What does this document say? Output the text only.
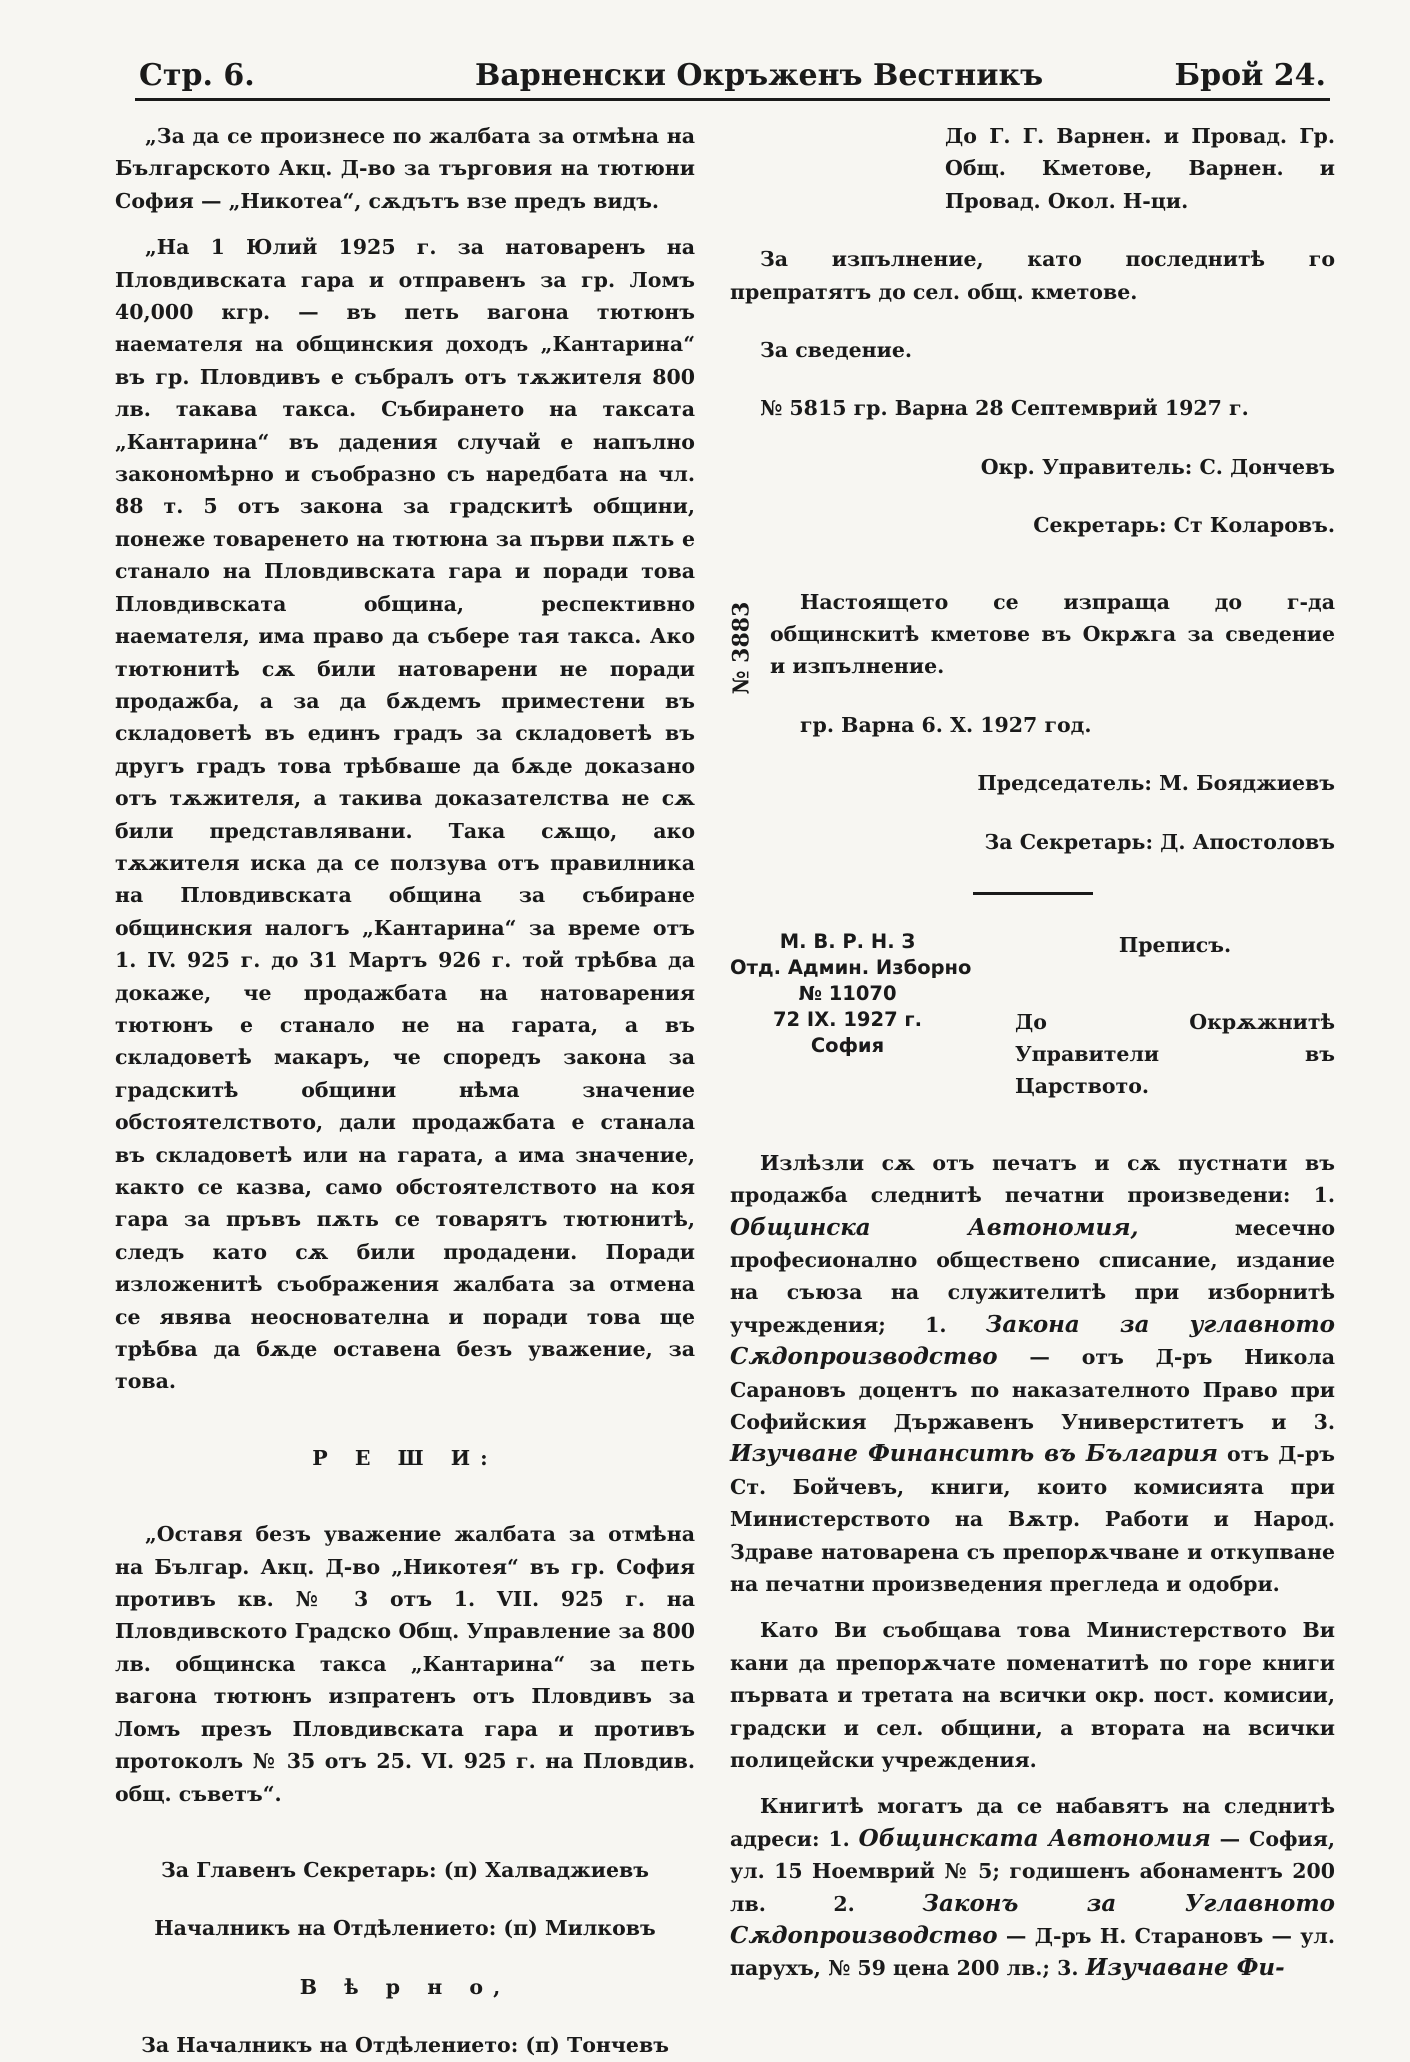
Стр. 6.	Варненски Окръженъ Вестникъ	Брой 24.

„За да се произнесе по жалбата за отмѣна на Българското Акц. Д-во за търговия на тютюни София — „Никотеа“, сѫдътъ взе предъ видъ.

„На 1 Юлий 1925 г. за натоваренъ на Пловдивската гара и отправенъ за гр. Ломъ 40,000 кгр. — въ петь вагона тютюнъ наемателя на общинския доходъ „Кантарина“ въ гр. Пловдивъ е събралъ отъ тѫжителя 800 лв. такава такса. Събирането на таксата „Кантарина“ въ дадения случай е напълно закономѣрно и съобразно съ наредбата на чл. 88 т. 5 отъ закона за градскитѣ общини, понеже товаренето на тютюна за първи пѫть е станало на Пловдивската гара и поради това Пловдивската община, респективно наемателя, има право да събере тая такса. Ако тютюнитѣ сѫ били натоварени не поради продажба, а за да бѫдемъ приместени въ складоветѣ въ единъ градъ за складоветѣ въ другъ градъ това трѣбваше да бѫде доказано отъ тѫжителя, а такива доказателства не сѫ били представлявани. Така сѫщо, ако тѫжителя иска да се ползува отъ правилника на Пловдивската община за събиране общинския налогъ „Кантарина“ за време отъ 1. IV. 925 г. до 31 Мартъ 926 г. той трѣбва да докаже, че продажбата на натоварения тютюнъ е станало не на гарата, а въ складоветѣ макаръ, че споредъ закона за градскитѣ общини нѣма значение обстоятелството, дали продажбата е станала въ складоветѣ или на гарата, а има значение, както се казва, само обстоятелството на коя гара за пръвъ пѫть се товарятъ тютюнитѣ, следъ като сѫ били продадени. Поради изложенитѣ съображения жалбата за отмена се явява неоснователна и поради това ще трѣбва да бѫде оставена безъ уважение, за това.

Р Е Ш И:

„Оставя безъ уважение жалбата за отмѣна на Българ. Акц. Д-во „Никотея“ въ гр. София противъ кв. № 3 отъ 1. VII. 925 г. на Пловдивското Градско Общ. Управление за 800 лв. общинска такса „Кантарина“ за петь вагона тютюнъ изпратенъ отъ Пловдивъ за Ломъ презъ Пловдивската гара и противъ протоколъ № 35 отъ 25. VI. 925 г. на Пловдив. общ. съветъ“.

За Главенъ Секретарь: (п) Халваджиевъ

Началникъ на Отдѣлението: (п) Милковъ

В ѣ р н о,

За Началникъ на Отдѣлението: (п) Тончевъ

№ 3883

До Г. Г. Варнен. и Провад. Гр. Общ. Кметове, Варнен. и Провад. Окол. Н-ци.

За изпълнение, като последнитѣ го препратятъ до сел. общ. кметове.

За сведение.

№ 5815 гр. Варна 28 Септемврий 1927 г.

Окр. Управитель: С. Дончевъ

Секретарь: Ст Коларовъ.

Настоящето се изпраща до г-да общинскитѣ кметове въ Окрѫга за сведение и изпълнение.

гр. Варна 6. X. 1927 год.

Председатель: М. Бояджиевъ

За Секретарь: Д. Апостоловъ

М. В. Р. Н. З
Отд. Админ. Изборно
№ 11070
72 IX. 1927 г.
София

Преписъ.

До Окрѫжнитѣ Управители въ Царството.

Излѣзли сѫ отъ печатъ и сѫ пустнати въ продажба следнитѣ печатни произведени: 1. Общинска Автономия, месечно професионално обществено списание, издание на съюза на служителитѣ при изборнитѣ учреждения; 1. Закона за углавното Сѫдопроизводство — отъ Д-ръ Никола Сарановъ доцентъ по наказателното Право при Софийския Държавенъ Универститетъ и 3. Изучване Финанситѣ въ България отъ Д-ръ Ст. Бойчевъ, книги, които комисията при Министерството на Вѫтр. Работи и Народ. Здраве натоварена съ препорѫчване и откупване на печатни произведения прегледа и одобри.

Като Ви съобщава това Министерството Ви кани да препорѫчате поменатитѣ по горе книги първата и третата на всички окр. пост. комисии, градски и сел. общини, а втората на всички полицейски учреждения.

Книгитѣ могатъ да се набавятъ на следнитѣ адреси: 1. Общинската Автономия — София, ул. 15 Ноемврий № 5; годишенъ абонаментъ 200 лв. 2. Законъ за Углавното Сѫдопроизводство — Д-ръ Н. Старановъ — ул. парухъ, № 59 цена 200 лв.; 3. Изучаване Фи-
